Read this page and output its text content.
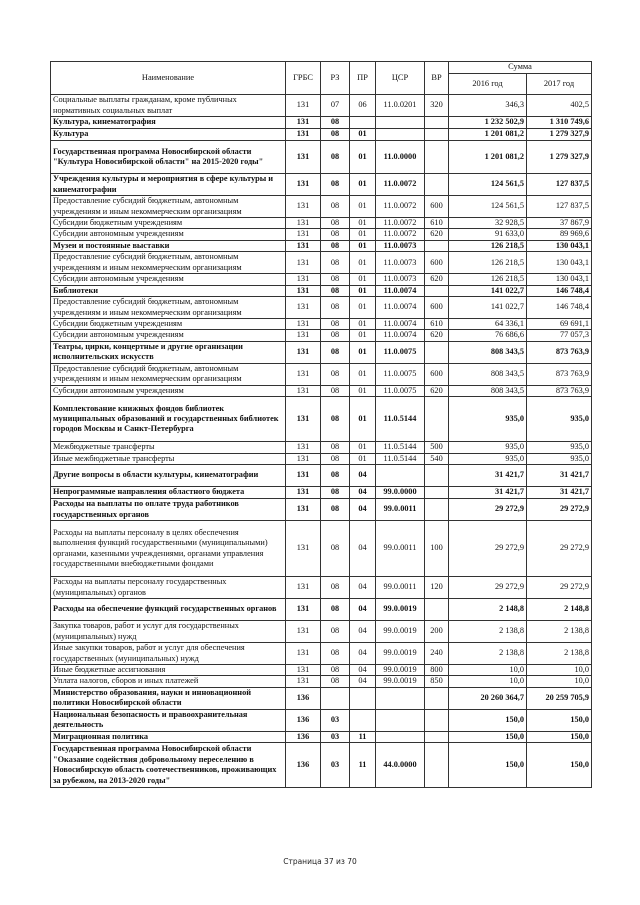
Наименование	ГРБС	РЗ	ПР	ЦСР	ВР	Сумма	
						2016 год	2017 год
Социальные выплаты гражданам, кроме публичных нормативных социальных выплат	131	07	06	11.0.0201	320	346,3	402,5
Культура, кинематография	131	08				1 232 502,9	1 310 749,6
Культура	131	08	01			1 201 081,2	1 279 327,9
Государственная программа Новосибирской области "Культура Новосибирской области" на 2015-2020 годы"	131	08	01	11.0.0000		1 201 081,2	1 279 327,9
Учреждения культуры и мероприятия в сфере культуры и кинематографии	131	08	01	11.0.0072		124 561,5	127 837,5
Предоставление субсидий бюджетным, автономным учреждениям и иным некоммерческим организациям	131	08	01	11.0.0072	600	124 561,5	127 837,5
Субсидии бюджетным учреждениям	131	08	01	11.0.0072	610	32 928,5	37 867,9
Субсидии автономным учреждениям	131	08	01	11.0.0072	620	91 633,0	89 969,6
Музеи и постоянные выставки	131	08	01	11.0.0073		126 218,5	130 043,1
Предоставление субсидий бюджетным, автономным учреждениям и иным некоммерческим организациям	131	08	01	11.0.0073	600	126 218,5	130 043,1
Субсидии автономным учреждениям	131	08	01	11.0.0073	620	126 218,5	130 043,1
Библиотеки	131	08	01	11.0.0074		141 022,7	146 748,4
Предоставление субсидий бюджетным, автономным учреждениям и иным некоммерческим организациям	131	08	01	11.0.0074	600	141 022,7	146 748,4
Субсидии бюджетным учреждениям	131	08	01	11.0.0074	610	64 336,1	69 691,1
Субсидии автономным учреждениям	131	08	01	11.0.0074	620	76 686,6	77 057,3
Театры, цирки, концертные и другие организации исполнительских искусств	131	08	01	11.0.0075		808 343,5	873 763,9
Предоставление субсидий бюджетным, автономным учреждениям и иным некоммерческим организациям	131	08	01	11.0.0075	600	808 343,5	873 763,9
Субсидии автономным учреждениям	131	08	01	11.0.0075	620	808 343,5	873 763,9
Комплектование книжных фондов библиотек муниципальных образований и государственных библиотек городов Москвы и Санкт-Петербурга	131	08	01	11.0.5144		935,0	935,0
Межбюджетные трансферты	131	08	01	11.0.5144	500	935,0	935,0
Иные межбюджетные трансферты	131	08	01	11.0.5144	540	935,0	935,0
Другие вопросы в области культуры, кинематографии	131	08	04			31 421,7	31 421,7
Непрограммные направления областного бюджета	131	08	04	99.0.0000		31 421,7	31 421,7
Расходы на выплаты по оплате труда работников государственных органов	131	08	04	99.0.0011		29 272,9	29 272,9
Расходы на выплаты персоналу в целях обеспечения выполнения функций государственными (муниципальными) органами, казенными учреждениями, органами управления государственными внебюджетными фондами	131	08	04	99.0.0011	100	29 272,9	29 272,9
Расходы на выплаты персоналу государственных (муниципальных) органов	131	08	04	99.0.0011	120	29 272,9	29 272,9
Расходы на обеспечение функций государственных органов	131	08	04	99.0.0019		2 148,8	2 148,8
Закупка товаров, работ и услуг для государственных (муниципальных) нужд	131	08	04	99.0.0019	200	2 138,8	2 138,8
Иные закупки товаров, работ и услуг для обеспечения государственных (муниципальных) нужд	131	08	04	99.0.0019	240	2 138,8	2 138,8
Иные бюджетные ассигнования	131	08	04	99.0.0019	800	10,0	10,0
Уплата налогов, сборов и иных платежей	131	08	04	99.0.0019	850	10,0	10,0
Министерство образования, науки и инновационной политики Новосибирской области	136					20 260 364,7	20 259 705,9
Национальная безопасность и правоохранительная деятельность	136	03				150,0	150,0
Миграционная политика	136	03	11			150,0	150,0
Государственная программа Новосибирской области "Оказание содействия добровольному переселению в Новосибирскую область соотечественников, проживающих за рубежом, на 2013-2020 годы"	136	03	11	44.0.0000		150,0	150,0
Страница 37 из 70
